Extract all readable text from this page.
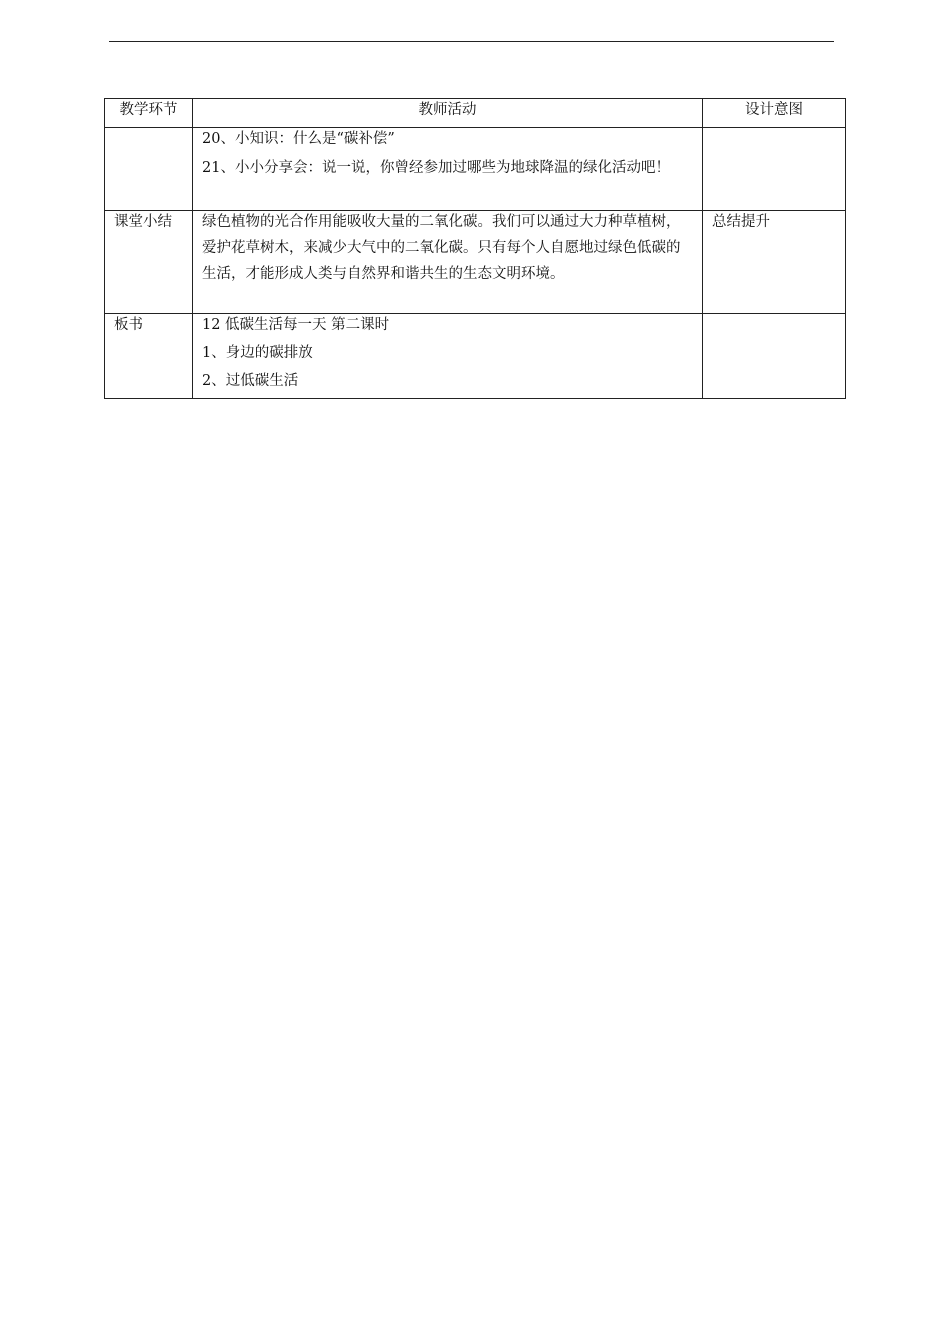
教学环节	教师活动	设计意图

	20、小知识：什么是“碳补偿”
21、小小分享会：说一说，你曾经参加过哪些为地球降温的绿化活动吧！	

课堂小结	绿色植物的光合作用能吸收大量的二氧化碳。我们可以通过大力种草植树，爱护花草树木，来减少大气中的二氧化碳。只有每个人自愿地过绿色低碳的生活，才能形成人类与自然界和谐共生的生态文明环境。	总结提升

板书	12 低碳生活每一天 第二课时
1、身边的碳排放
2、过低碳生活	
